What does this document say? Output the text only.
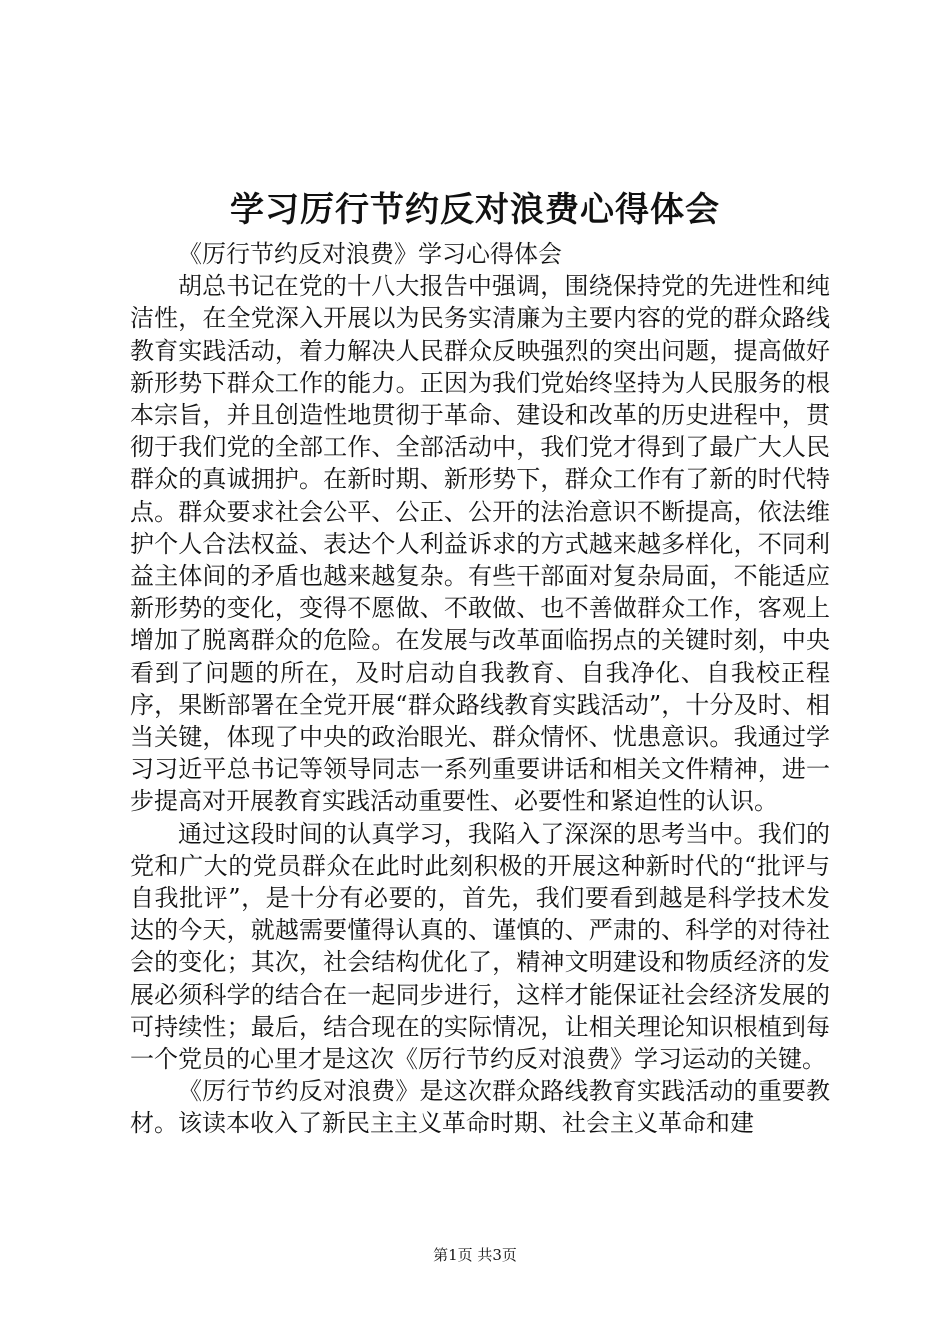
学习厉行节约反对浪费心得体会

《厉行节约反对浪费》学习心得体会

胡总书记在党的十八大报告中强调，围绕保持党的先进性和纯洁性，在全党深入开展以为民务实清廉为主要内容的党的群众路线教育实践活动，着力解决人民群众反映强烈的突出问题，提高做好新形势下群众工作的能力。正因为我们党始终坚持为人民服务的根本宗旨，并且创造性地贯彻于革命、建设和改革的历史进程中，贯彻于我们党的全部工作、全部活动中，我们党才得到了最广大人民群众的真诚拥护。在新时期、新形势下，群众工作有了新的时代特点。群众要求社会公平、公正、公开的法治意识不断提高，依法维护个人合法权益、表达个人利益诉求的方式越来越多样化，不同利益主体间的矛盾也越来越复杂。有些干部面对复杂局面，不能适应新形势的变化，变得不愿做、不敢做、也不善做群众工作，客观上增加了脱离群众的危险。在发展与改革面临拐点的关键时刻，中央看到了问题的所在，及时启动自我教育、自我净化、自我校正程序，果断部署在全党开展“群众路线教育实践活动”，十分及时、相当关键，体现了中央的政治眼光、群众情怀、忧患意识。我通过学习习近平总书记等领导同志一系列重要讲话和相关文件精神，进一步提高对开展教育实践活动重要性、必要性和紧迫性的认识。

通过这段时间的认真学习，我陷入了深深的思考当中。我们的党和广大的党员群众在此时此刻积极的开展这种新时代的“批评与自我批评”，是十分有必要的，首先，我们要看到越是科学技术发达的今天，就越需要懂得认真的、谨慎的、严肃的、科学的对待社会的变化；其次，社会结构优化了，精神文明建设和物质经济的发展必须科学的结合在一起同步进行，这样才能保证社会经济发展的可持续性；最后，结合现在的实际情况，让相关理论知识根植到每一个党员的心里才是这次《厉行节约反对浪费》学习运动的关键。

《厉行节约反对浪费》是这次群众路线教育实践活动的重要教材。该读本收入了新民主主义革命时期、社会主义革命和建

第1页 共3页
